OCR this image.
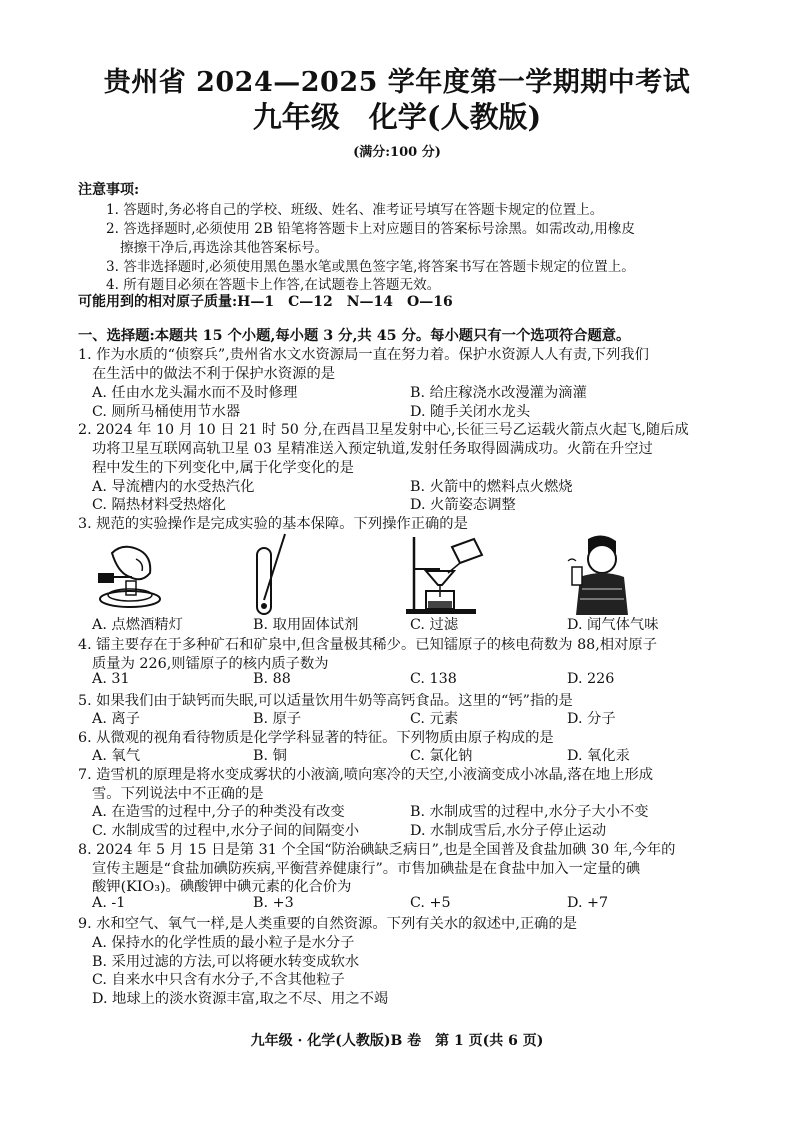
贵州省 2024—2025 学年度第一学期期中考试
九年级　化学(人教版)
(满分:100 分)
注意事项:
1. 答题时,务必将自己的学校、班级、姓名、准考证号填写在答题卡规定的位置上。
2. 答选择题时,必须使用 2B 铅笔将答题卡上对应题目的答案标号涂黑。如需改动,用橡皮
擦擦干净后,再选涂其他答案标号。
3. 答非选择题时,必须使用黑色墨水笔或黑色签字笔,将答案书写在答题卡规定的位置上。
4. 所有题目必须在答题卡上作答,在试题卷上答题无效。
可能用到的相对原子质量:H—1　C—12　N—14　O—16
一、选择题:本题共 15 个小题,每小题 3 分,共 45 分。每小题只有一个选项符合题意。
1. 作为水质的“侦察兵”,贵州省水文水资源局一直在努力着。保护水资源人人有责,下列我们
在生活中的做法不利于保护水资源的是
A. 任由水龙头漏水而不及时修理	B. 给庄稼浇水改漫灌为滴灌
C. 厕所马桶使用节水器	D. 随手关闭水龙头
2. 2024 年 10 月 10 日 21 时 50 分,在西昌卫星发射中心,长征三号乙运载火箭点火起飞,随后成
功将卫星互联网高轨卫星 03 星精准送入预定轨道,发射任务取得圆满成功。火箭在升空过
程中发生的下列变化中,属于化学变化的是
A. 导流槽内的水受热汽化	B. 火箭中的燃料点火燃烧
C. 隔热材料受热熔化	D. 火箭姿态调整
3. 规范的实验操作是完成实验的基本保障。下列操作正确的是
A. 点燃酒精灯	B. 取用固体试剂	C. 过滤	D. 闻气体气味
4. 镭主要存在于多种矿石和矿泉中,但含量极其稀少。已知镭原子的核电荷数为 88,相对原子
质量为 226,则镭原子的核内质子数为
A. 31	B. 88	C. 138	D. 226
5. 如果我们由于缺钙而失眠,可以适量饮用牛奶等高钙食品。这里的“钙”指的是
A. 离子	B. 原子	C. 元素	D. 分子
6. 从微观的视角看待物质是化学学科显著的特征。下列物质由原子构成的是
A. 氧气	B. 铜	C. 氯化钠	D. 氧化汞
7. 造雪机的原理是将水变成雾状的小液滴,喷向寒冷的天空,小液滴变成小冰晶,落在地上形成
雪。下列说法中不正确的是
A. 在造雪的过程中,分子的种类没有改变	B. 水制成雪的过程中,水分子大小不变
C. 水制成雪的过程中,水分子间的间隔变小	D. 水制成雪后,水分子停止运动
8. 2024 年 5 月 15 日是第 31 个全国“防治碘缺乏病日”,也是全国普及食盐加碘 30 年,今年的
宣传主题是“食盐加碘防疾病,平衡营养健康行”。市售加碘盐是在食盐中加入一定量的碘
酸钾(KIO₃)。碘酸钾中碘元素的化合价为
A. -1	B. +3	C. +5	D. +7
9. 水和空气、氧气一样,是人类重要的自然资源。下列有关水的叙述中,正确的是
A. 保持水的化学性质的最小粒子是水分子
B. 采用过滤的方法,可以将硬水转变成软水
C. 自来水中只含有水分子,不含其他粒子
D. 地球上的淡水资源丰富,取之不尽、用之不竭
九年级 · 化学(人教版)B 卷　第 1 页(共 6 页)
